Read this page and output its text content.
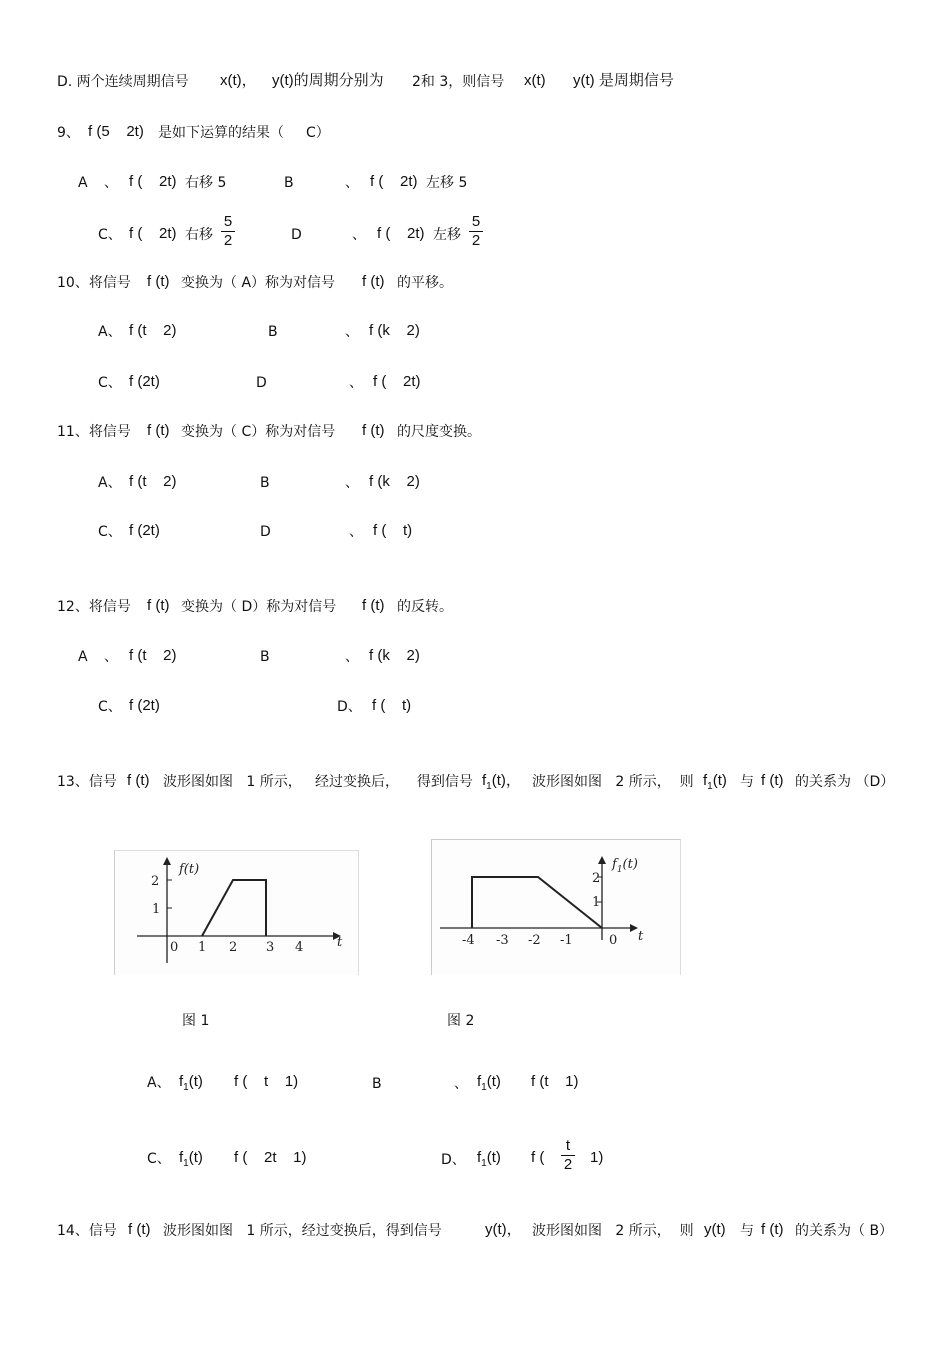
D. 两个连续周期信号 x(t)， y(t)的周期分别为 2和 3，则信号 x(t) y(t) 是周期信号
9、 f (5    2t) 是如下运算的结果（ C）
A 、 f (    2t) 右移 5	B	、 f (    2t) 左移 5
C、 f (    2t) 右移
5
2	D	、 f (    2t) 左移
5
2
10、将信号 f (t) 变换为（ A）称为对信号 f (t) 的平移。
A、 f (t    2)	B	、 f (k    2)
C、 f (2t)	D	、 f (    2t)
11、将信号 f (t) 变换为（ C）称为对信号 f (t) 的尺度变换。
A、 f (t    2)	B	、 f (k    2)
C、 f (2t)	D	、 f (    t)
12、将信号 f (t) 变换为（ D）称为对信号 f (t) 的反转。
A 、 f (t    2)	B	、 f (k    2)
C、 f (2t)	D、 f (    t)
13、信号 f (t) 波形图如图   1 所示，   经过变换后，    得到信号 $f_1(t)$， 波形图如图   2 所示，  则 $f_1(t)$ 与 f (t) 的关系为 （D）
2
1
0 1 2 3 4	t
f(t)
2
1
-4 -3 -2 -1	0 t
$f_1(t)$
图 1	图 2
A、 $f_1(t)$ f (    t    1)	B	、 $f_1(t)$ f (t    1)
C、 $f_1(t)$ f (    2t    1)	D、 $f_1(t)$ f (
t
2 1)
14、信号 f (t) 波形图如图   1 所示，经过变换后，得到信号	y(t)， 波形图如图   2 所示，  则 y(t) 与 f (t) 的关系为（ B）
